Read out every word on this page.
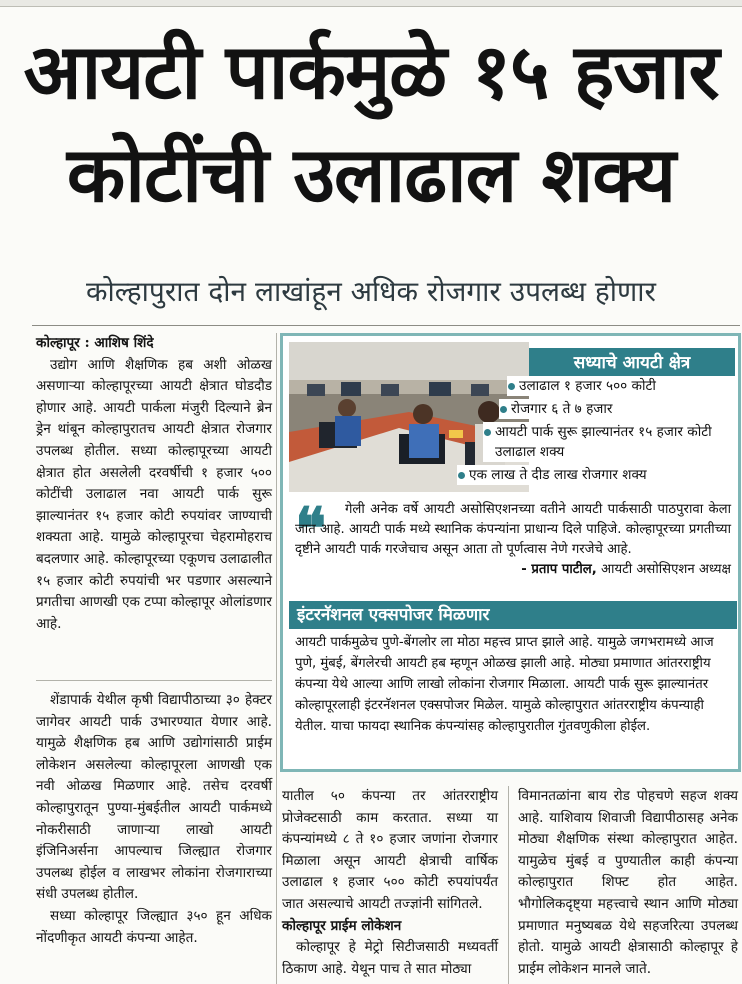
आयटी पार्कमुळे १५ हजार
कोटींची उलाढाल शक्य
कोल्हापुरात दोन लाखांहून अधिक रोजगार उपलब्ध होणार

कोल्हापूर : आशिष शिंदे

उद्योग आणि शैक्षणिक हब अशी ओळख असणाऱ्या कोल्हापूरच्या आयटी क्षेत्रात घोडदौड होणार आहे. आयटी पार्कला मंजुरी दिल्याने ब्रेन ड्रेन थांबून कोल्हापुरातच आयटी क्षेत्रात रोजगार उपलब्ध होतील. सध्या कोल्हापूरच्या आयटी क्षेत्रात होत असलेली दरवर्षीची १ हजार ५०० कोटींची उलाढाल नवा आयटी पार्क सुरू झाल्यानंतर १५ हजार कोटी रुपयांवर जाण्याची शक्यता आहे. यामुळे कोल्हापूरचा चेहरामोहराच बदलणार आहे. कोल्हापूरच्या एकूणच उलाढालीत १५ हजार कोटी रुपयांची भर पडणार असल्याने प्रगतीचा आणखी एक टप्पा कोल्हापूर ओलांडणार आहे.

शेंडापार्क येथील कृषी विद्यापीठाच्या ३० हेक्टर जागेवर आयटी पार्क उभारण्यात येणार आहे. यामुळे शैक्षणिक हब आणि उद्योगांसाठी प्राईम लोकेशन असलेल्या कोल्हापूरला आणखी एक नवी ओळख मिळणार आहे. तसेच दरवर्षी कोल्हापुरातून पुण्या-मुंबईतील आयटी पार्कमध्ये नोकरीसाठी जाणाऱ्या लाखो आयटी इंजिनिअर्सना आपल्याच जिल्ह्यात रोजगार उपलब्ध होईल व लाखभर लोकांना रोजगाराच्या संधी उपलब्ध होतील.

सध्या कोल्हापूर जिल्ह्यात ३५० हून अधिक नोंदणीकृत आयटी कंपन्या आहेत.

सध्याचे आयटी क्षेत्र
उलाढाल १ हजार ५०० कोटी
रोजगार ६ ते ७ हजार
आयटी पार्क सुरू झाल्यानंतर १५ हजार कोटी उलाढाल शक्य
एक लाख ते दीड लाख रोजगार शक्य
❝	गेली अनेक वर्षे आयटी असोसिएशनच्या वतीने आयटी पार्कसाठी पाठपुरावा केला जात आहे. आयटी पार्क मध्ये स्थानिक कंपन्यांना प्राधान्य दिले पाहिजे. कोल्हापूरच्या प्रगतीच्या दृष्टीने आयटी पार्क गरजेचाच असून आता तो पूर्णत्वास नेणे गरजेचे आहे.

- प्रताप पाटील, आयटी असोसिएशन अध्यक्ष

इंटरनॅशनल एक्सपोजर मिळणार
आयटी पार्कमुळेच पुणे-बेंगलोर ला मोठा महत्त्व प्राप्त झाले आहे. यामुळे जगभरामध्ये आज पुणे, मुंबई, बेंगलेरची आयटी हब म्हणून ओळख झाली आहे. मोठ्या प्रमाणात आंतरराष्ट्रीय कंपन्या येथे आल्या आणि लाखो लोकांना रोजगार मिळाला. आयटी पार्क सुरू झाल्यानंतर कोल्हापूरलाही इंटरनॅशनल एक्सपोजर मिळेल. यामुळे कोल्हापुरात आंतरराष्ट्रीय कंपन्याही येतील. याचा फायदा स्थानिक कंपन्यांसह कोल्हापुरातील गुंतवणुकीला होईल.

यातील ५० कंपन्या तर आंतरराष्ट्रीय प्रोजेक्टसाठी काम करतात. सध्या या कंपन्यांमध्ये ८ ते १० हजार जणांना रोजगार मिळाला असून आयटी क्षेत्राची वार्षिक उलाढाल १ हजार ५०० कोटी रुपयांपर्यंत जात असल्याचे आयटी तज्ज्ञांनी सांगितले.

कोल्हापूर प्राईम लोकेशन

कोल्हापूर हे मेट्रो सिटीजसाठी मध्यवर्ती ठिकाण आहे. येथून पाच ते सात मोठ्या

विमानतळांना बाय रोड पोहचणे सहज शक्य आहे. याशिवाय शिवाजी विद्यापीठासह अनेक मोठ्या शैक्षणिक संस्था कोल्हापुरात आहेत. यामुळेच मुंबई व पुण्यातील काही कंपन्या कोल्हापुरात शिफ्ट होत आहेत. भौगोलिकदृष्ट्या महत्त्वाचे स्थान आणि मोठ्या प्रमाणात मनुष्यबळ येथे सहजरित्या उपलब्ध होतो. यामुळे आयटी क्षेत्रासाठी कोल्हापूर हे प्राईम लोकेशन मानले जाते.
